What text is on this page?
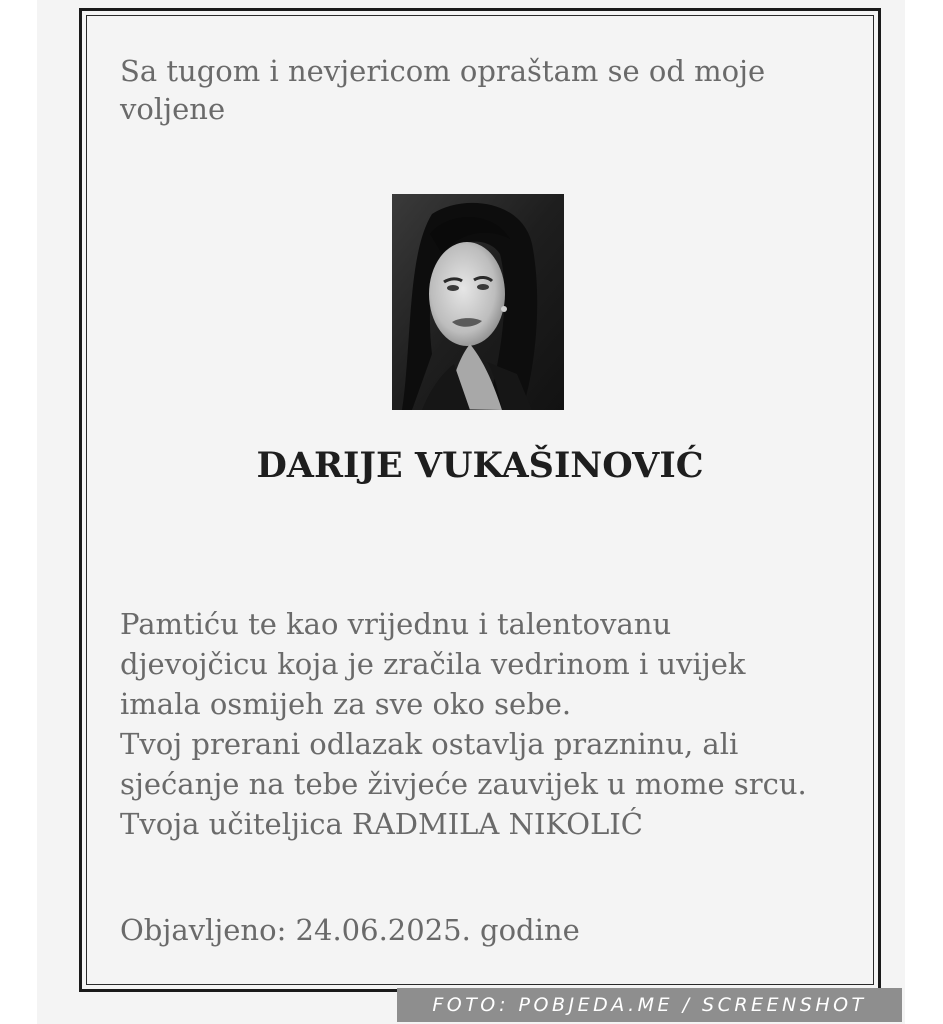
Sa tugom i nevjericom opraštam se od moje voljene

DARIJE VUKAŠINOVIĆ

Pamtiću te kao vrijednu i talentovanu
djevojčicu koja je zračila vedrinom i uvijek
imala osmijeh za sve oko sebe.
Tvoj prerani odlazak ostavlja prazninu, ali
sjećanje na tebe živjeće zauvijek u mome srcu.
Tvoja učiteljica RADMILA NIKOLIĆ

Objavljeno: 24.06.2025. godine

FOTO: POBJEDA.ME / SCREENSHOT
